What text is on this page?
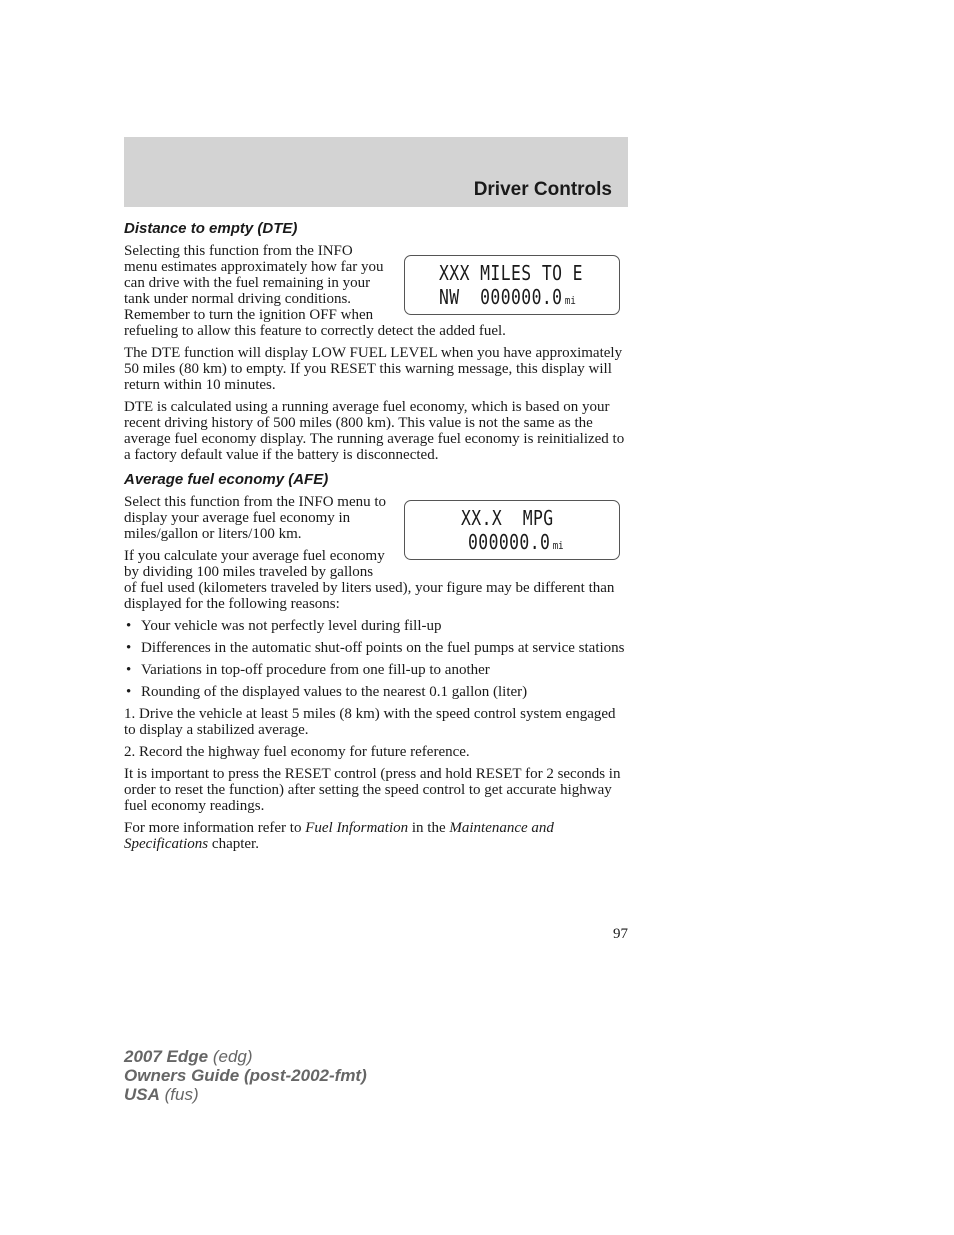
Driver Controls
Distance to empty (DTE)
XXX MILES TO E
NW 000000.0 mi

Selecting this function from the INFO menu estimates approximately how far you can drive with the fuel remaining in your tank under normal driving conditions. Remember to turn the ignition OFF when refueling to allow this feature to correctly detect the added fuel.

The DTE function will display LOW FUEL LEVEL when you have approximately 50 miles (80 km) to empty. If you RESET this warning message, this display will return within 10 minutes.

DTE is calculated using a running average fuel economy, which is based on your recent driving history of 500 miles (800 km). This value is not the same as the average fuel economy display. The running average fuel economy is reinitialized to a factory default value if the battery is disconnected.

Average fuel economy (AFE)
XX.X  MPG
000000.0 mi

Select this function from the INFO menu to display your average fuel economy in miles/gallon or liters/100 km.

If you calculate your average fuel economy by dividing 100 miles traveled by gallons of fuel used (kilometers traveled by liters used), your figure may be different than displayed for the following reasons:

• Your vehicle was not perfectly level during fill-up
• Differences in the automatic shut-off points on the fuel pumps at service stations
• Variations in top-off procedure from one fill-up to another
• Rounding of the displayed values to the nearest 0.1 gallon (liter)

1. Drive the vehicle at least 5 miles (8 km) with the speed control system engaged to display a stabilized average.

2. Record the highway fuel economy for future reference.

It is important to press the RESET control (press and hold RESET for 2 seconds in order to reset the function) after setting the speed control to get accurate highway fuel economy readings.

For more information refer to Fuel Information in the Maintenance and Specifications chapter.

97
2007 Edge (edg)
Owners Guide (post-2002-fmt)
USA (fus)
